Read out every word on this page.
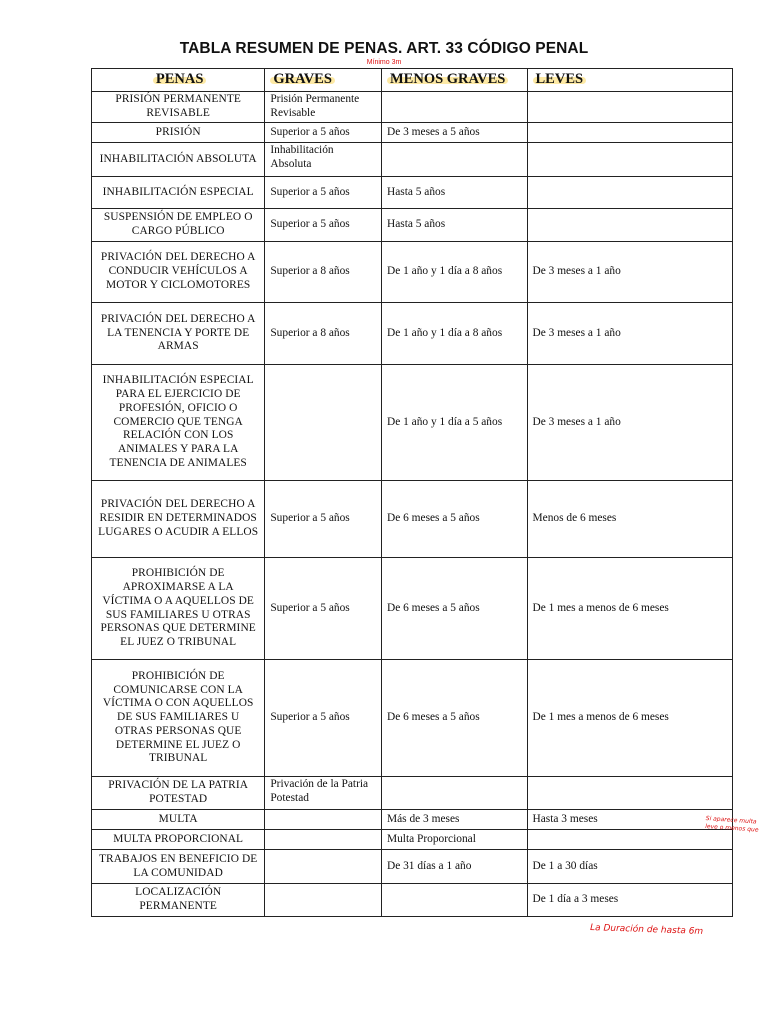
TABLA RESUMEN DE PENAS. ART. 33 CÓDIGO PENAL
Mínimo 3m
PENAS	GRAVES	MENOS GRAVES	LEVES
PRISIÓN PERMANENTE REVISABLE	Prisión Permanente Revisable		
PRISIÓN	Superior a 5 años	De 3 meses a 5 años	
INHABILITACIÓN ABSOLUTA	Inhabilitación Absoluta		
INHABILITACIÓN ESPECIAL	Superior a 5 años	Hasta 5 años	
SUSPENSIÓN DE EMPLEO O CARGO PÚBLICO	Superior a 5 años	Hasta 5 años	
PRIVACIÓN DEL DERECHO A CONDUCIR VEHÍCULOS A MOTOR Y CICLOMOTORES	Superior a 8 años	De 1 año y 1 día a 8 años	De 3 meses a 1 año
PRIVACIÓN DEL DERECHO A LA TENENCIA Y PORTE DE ARMAS	Superior a 8 años	De 1 año y 1 día a 8 años	De 3 meses a 1 año
INHABILITACIÓN ESPECIAL PARA EL EJERCICIO DE PROFESIÓN, OFICIO O COMERCIO QUE TENGA RELACIÓN CON LOS ANIMALES Y PARA LA TENENCIA DE ANIMALES		De 1 año y 1 día a 5 años	De 3 meses a 1 año
PRIVACIÓN DEL DERECHO A RESIDIR EN DETERMINADOS LUGARES O ACUDIR A ELLOS	Superior a 5 años	De 6 meses a 5 años	Menos de 6 meses
PROHIBICIÓN DE APROXIMARSE A LA VÍCTIMA O A AQUELLOS DE SUS FAMILIARES U OTRAS PERSONAS QUE DETERMINE EL JUEZ O TRIBUNAL	Superior a 5 años	De 6 meses a 5 años	De 1 mes a menos de 6 meses
PROHIBICIÓN DE COMUNICARSE CON LA VÍCTIMA O CON AQUELLOS DE SUS FAMILIARES U OTRAS PERSONAS QUE DETERMINE EL JUEZ O TRIBUNAL	Superior a 5 años	De 6 meses a 5 años	De 1 mes a menos de 6 meses
PRIVACIÓN DE LA PATRIA POTESTAD	Privación de la Patria Potestad		
MULTA		Más de 3 meses	Hasta 3 meses
MULTA PROPORCIONAL		Multa Proporcional	
TRABAJOS EN BENEFICIO DE LA COMUNIDAD		De 31 días a 1 año	De 1 a 30 días
LOCALIZACIÓN PERMANENTE			De 1 día a 3 meses
Si aparece multa leve o menos que
La Duración de hasta 6m
